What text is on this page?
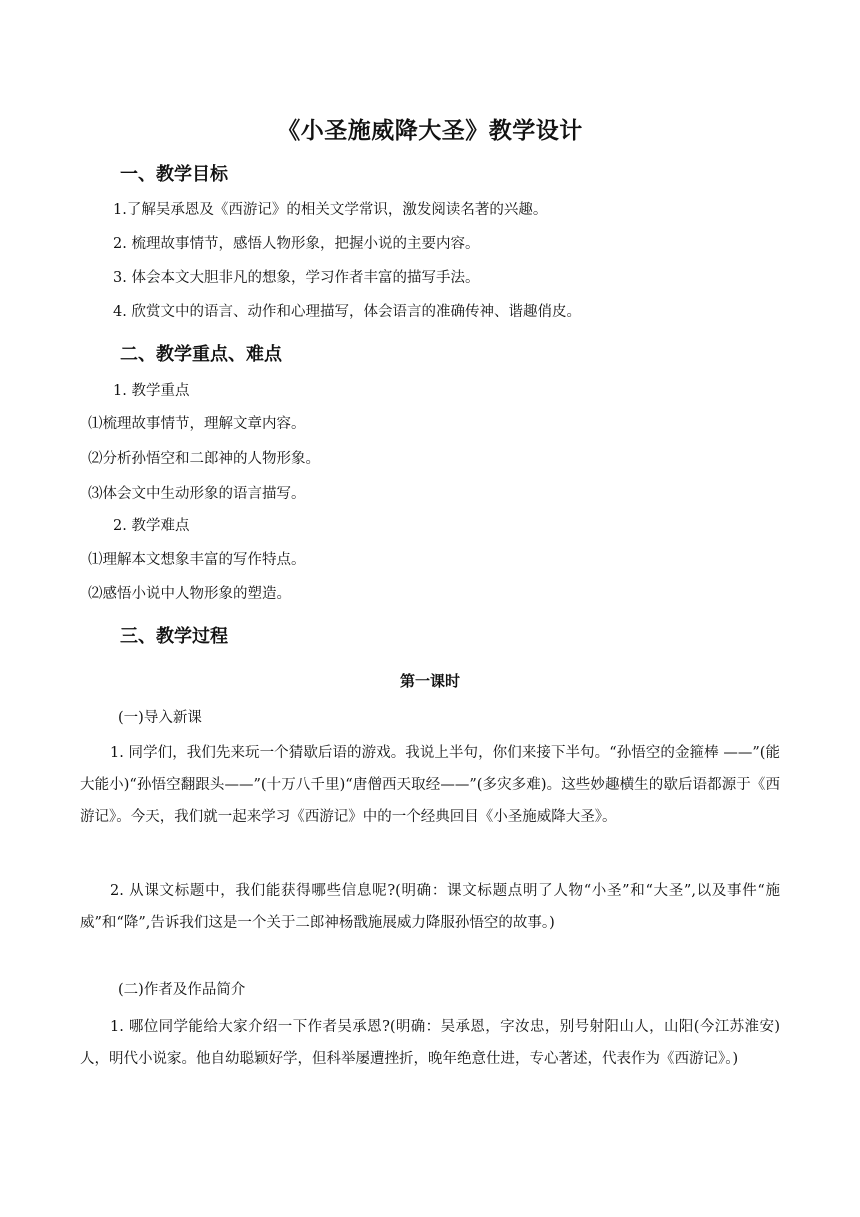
《小圣施威降大圣》教学设计
一、教学目标
1.了解吴承恩及《西游记》的相关文学常识，激发阅读名著的兴趣。
2. 梳理故事情节，感悟人物形象，把握小说的主要内容。
3. 体会本文大胆非凡的想象，学习作者丰富的描写手法。
4. 欣赏文中的语言、动作和心理描写，体会语言的准确传神、谐趣俏皮。
二、教学重点、难点
1. 教学重点
⑴梳理故事情节，理解文章内容。
⑵分析孙悟空和二郎神的人物形象。
⑶体会文中生动形象的语言描写。
2. 教学难点
⑴理解本文想象丰富的写作特点。
⑵感悟小说中人物形象的塑造。
三、教学过程
第一课时
(一)导入新课
1. 同学们，我们先来玩一个猜歇后语的游戏。我说上半句，你们来接下半句。“孙悟空的金箍棒 ——”(能大能小)“孙悟空翻跟头——”(十万八千里)“唐僧西天取经——”(多灾多难)。这些妙趣横生的歇后语都源于《西游记》。今天，我们就一起来学习《西游记》中的一个经典回目《小圣施威降大圣》。
2. 从课文标题中，我们能获得哪些信息呢?(明确：课文标题点明了人物“小圣”和“大圣”,以及事件“施威”和“降”,告诉我们这是一个关于二郎神杨戬施展威力降服孙悟空的故事。)
(二)作者及作品简介
1. 哪位同学能给大家介绍一下作者吴承恩?(明确：吴承恩，字汝忠，别号射阳山人，山阳(今江苏淮安)人，明代小说家。他自幼聪颖好学，但科举屡遭挫折，晚年绝意仕进，专心著述，代表作为《西游记》。)
